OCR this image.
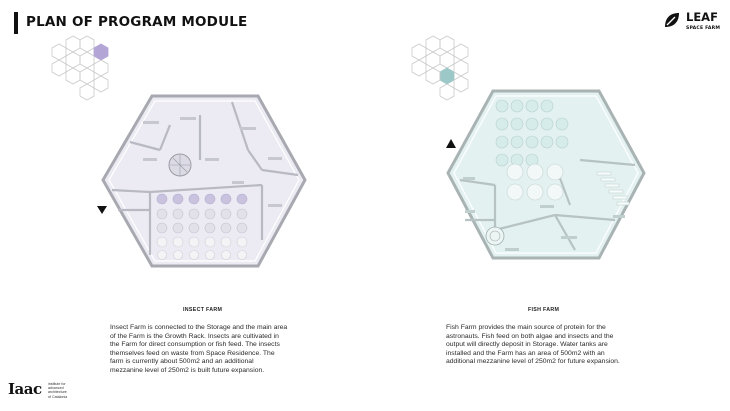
PLAN OF PROGRAM MODULE	LEAF
SPACE FARM
INSECT FARM
Insect Farm is connected to the Storage and the main area
of the Farm is the Growth Rack. Insects are cultivated in
the Farm for direct consumption or fish feed. The insects
themselves feed on waste from Space Residence. The
farm is currently about 500m2 and an additional
mezzanine level of 250m2 is built future expansion.
FISH FARM
Fish Farm provides the main source of protein for the
astronauts. Fish feed on both algae and insects and the
output will directly deposit in Storage. Water tanks are
installed and the Farm has an area of 500m2 with an
additional mezzanine level of 250m2 for future expansion.
Iaac institute for
advanced
architecture
of Catalonia
